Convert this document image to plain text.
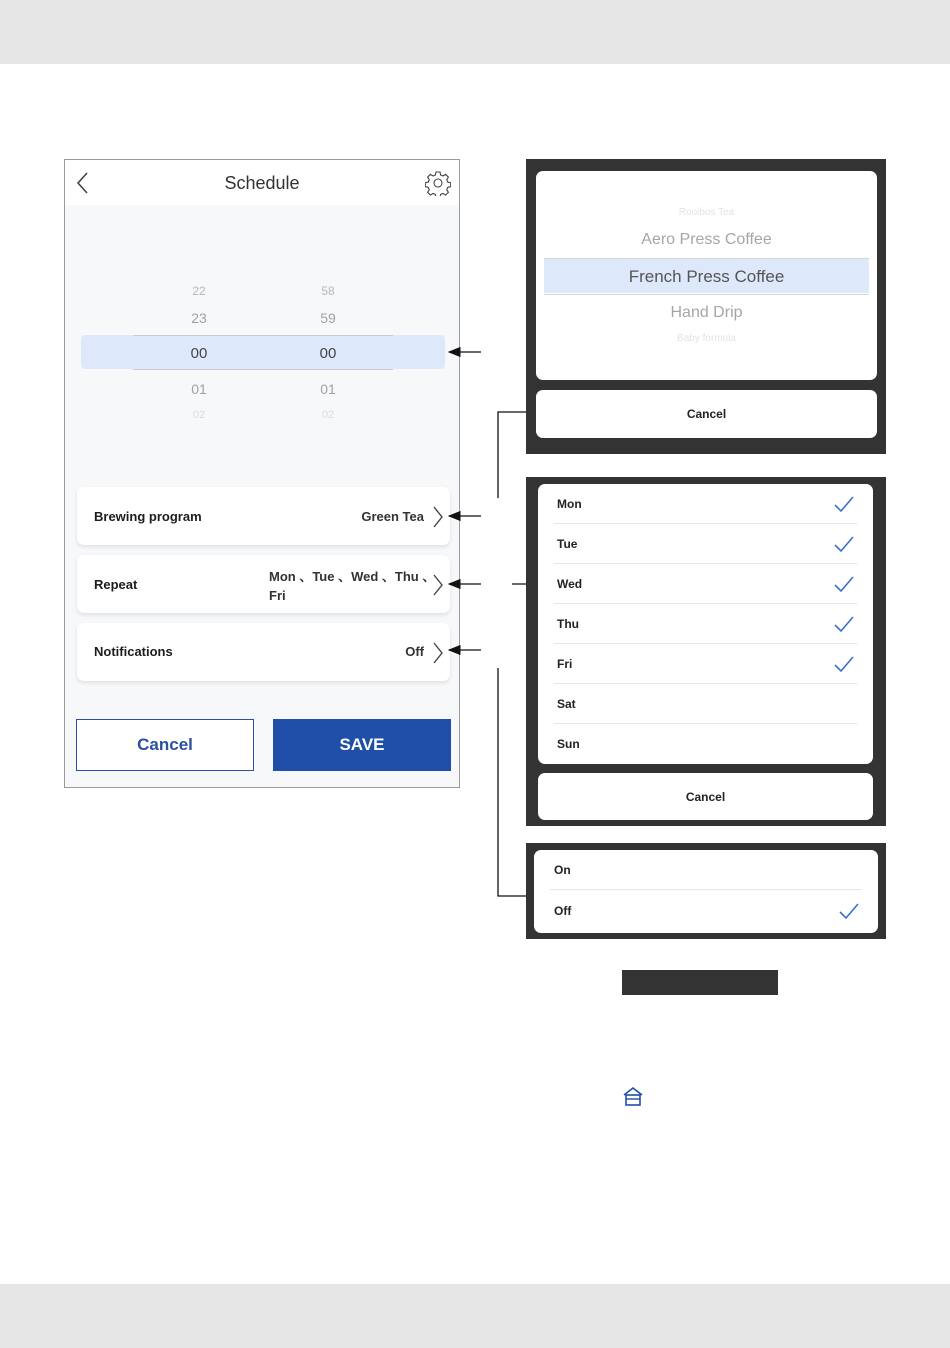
Schedule
22
23
00
01
02
58
59
00
01
02
Brewing program	Green Tea
Repeat
Mon 、Tue 、Wed 、Thu 、
Fri
Notifications	Off
Cancel	SAVE
Rooibos Tea
Aero Press Coffee
French Press Coffee
Hand Drip
Baby formula
Cancel
Mon
Tue
Wed
Thu
Fri
Sat
Sun
Cancel
On
Off
